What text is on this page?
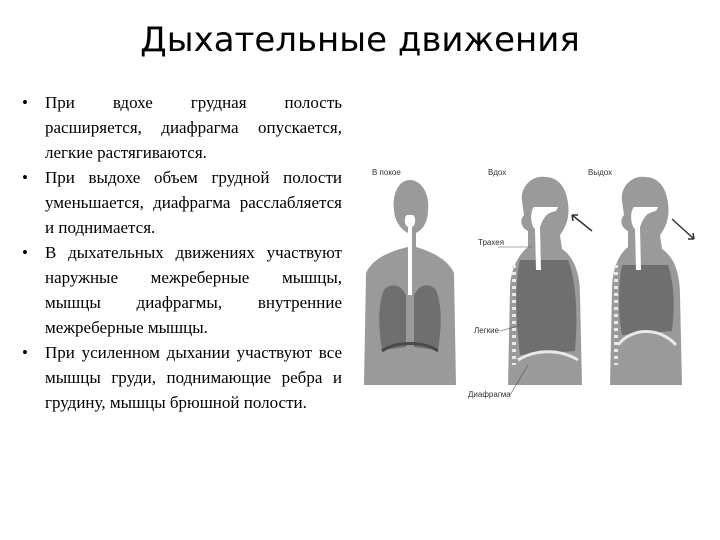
Дыхательные движения
• При вдохе грудная полость расширяется, диафрагма опускается, легкие растягиваются.
• При выдохе объем грудной полости уменьшается, диафрагма расслабляется и поднимается.
• В дыхательных движениях участвуют наружные межреберные мышцы, мышцы диафрагмы, внутренние межреберные мышцы.
• При усиленном дыхании участвуют все мышцы груди, поднимающие ребра и грудину, мышцы брюшной полости.
В покое	Вдох	Выдох
Трахея
Легкие
Диафрагма
